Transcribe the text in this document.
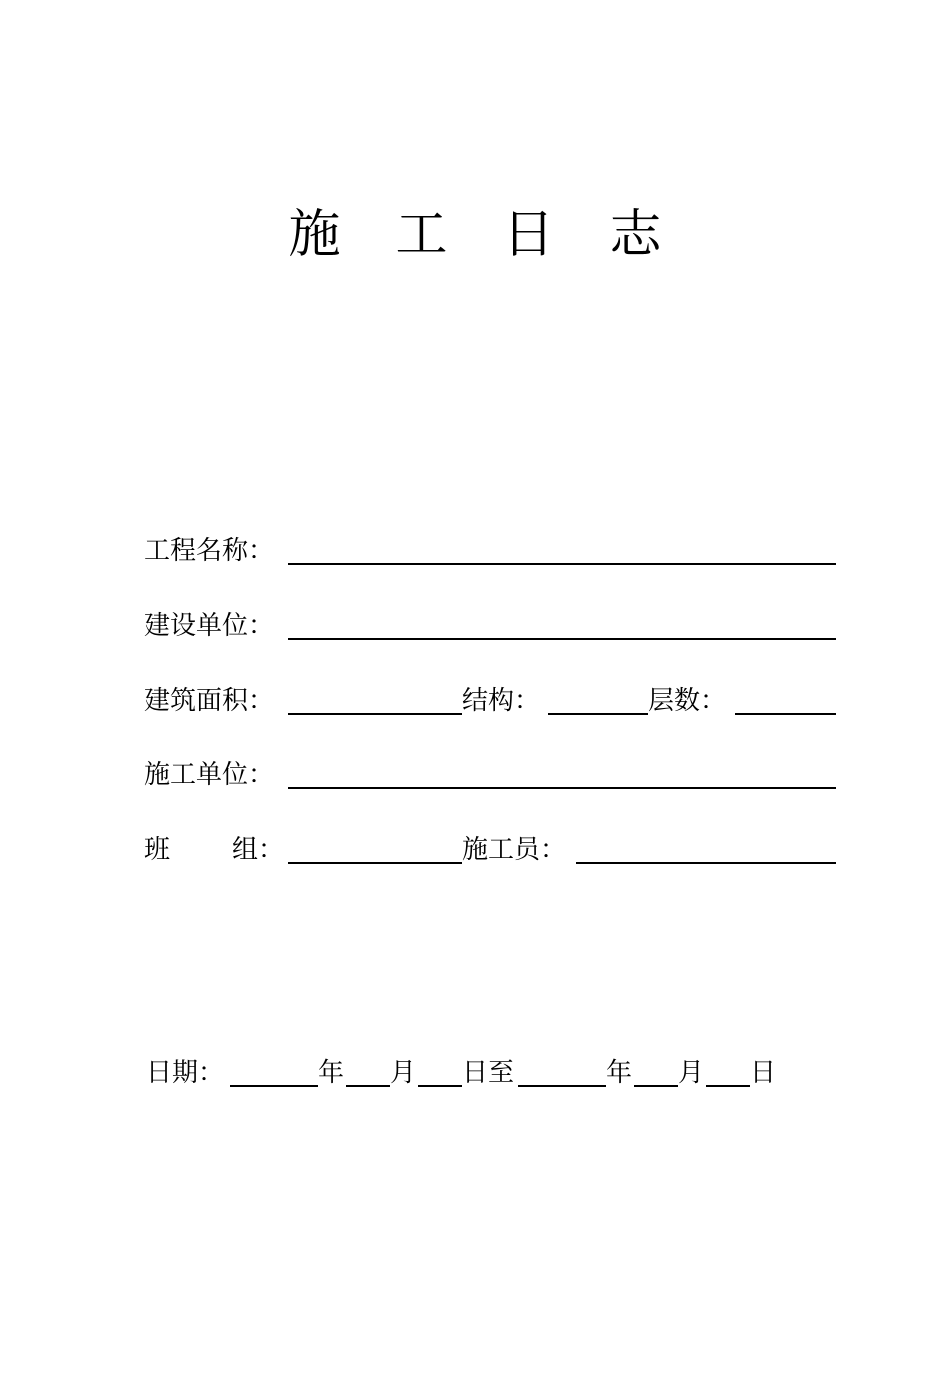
施	工	日	志
工程名称：
建设单位：
建筑面积：	结构：	层数：
施工单位：
班 组：	施工员：
日期：	年 月 日至	年 月 日
